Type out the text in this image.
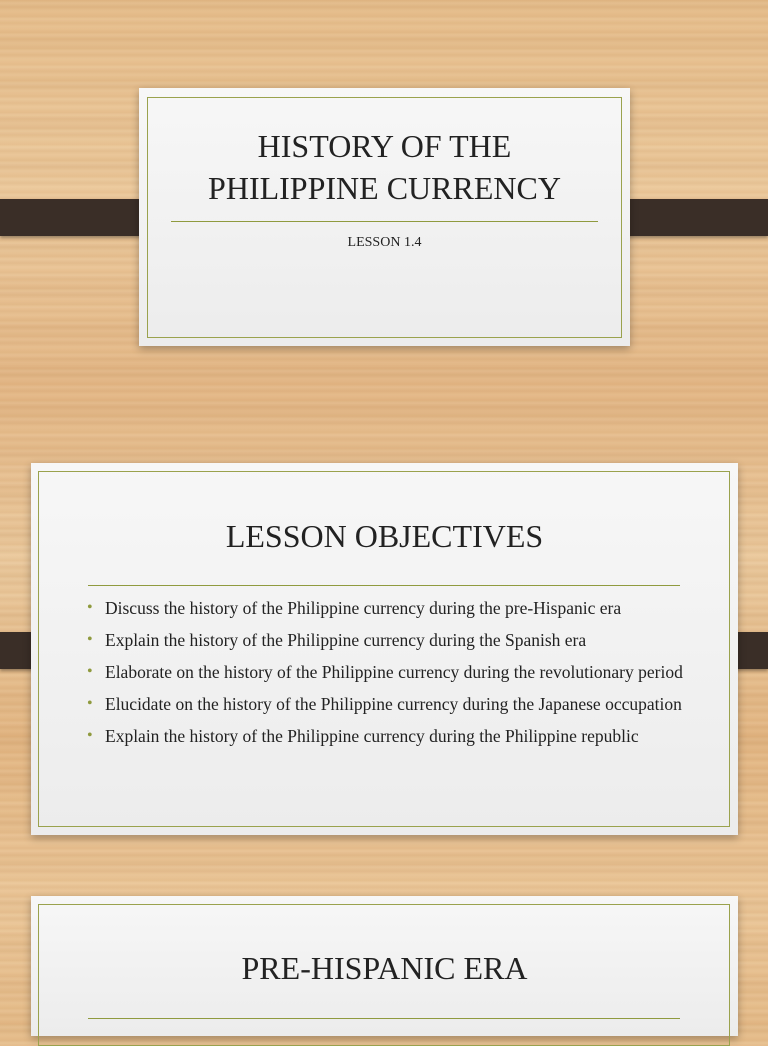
HISTORY OF THE
PHILIPPINE CURRENCY
LESSON 1.4
LESSON OBJECTIVES
• Discuss the history of the Philippine currency during the pre-Hispanic era
• Explain the history of the Philippine currency during the Spanish era
• Elaborate on the history of the Philippine currency during the revolutionary period
• Elucidate on the history of the Philippine currency during the Japanese occupation
• Explain the history of the Philippine currency during the Philippine republic
PRE-HISPANIC ERA
